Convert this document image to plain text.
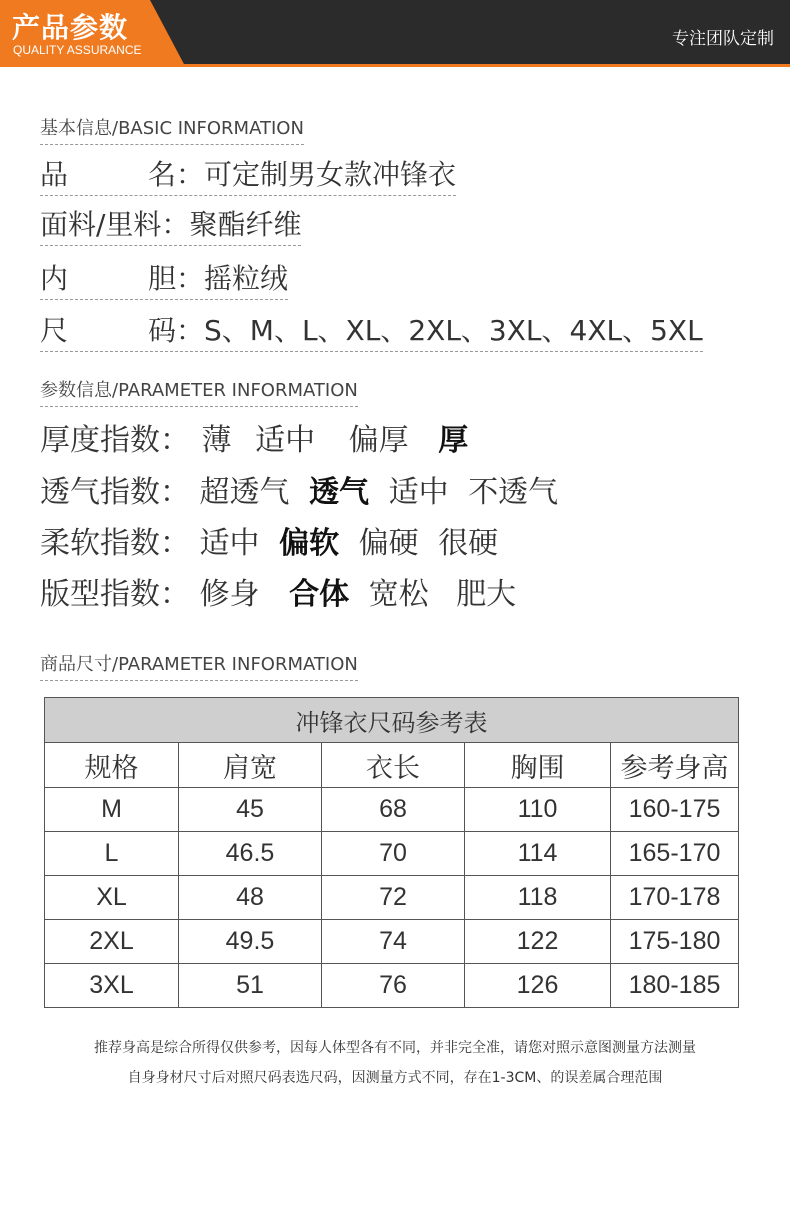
产品参数
QUALITY ASSURANCE
专注团队定制
基本信息/BASIC INFORMATION
品	名：可定制男女款冲锋衣
面料/里料：聚酯纤维
内	胆：摇粒绒
尺	码：S、M、L、XL、2XL、3XL、4XL、5XL
参数信息/PARAMETER INFORMATION
厚度指数： 薄 适中 偏厚 厚
透气指数： 超透气 透气 适中 不透气
柔软指数： 适中 偏软 偏硬 很硬
版型指数： 修身 合体 宽松 肥大
商品尺寸/PARAMETER INFORMATION
冲锋衣尺码参考表				
规格	肩宽	衣长	胸围	参考身高
M	45	68	110	160-175
L	46.5	70	114	165-170
XL	48	72	118	170-178
2XL	49.5	74	122	175-180
3XL	51	76	126	180-185
推荐身高是综合所得仅供参考，因每人体型各有不同，并非完全准，请您对照示意图测量方法测量
自身身材尺寸后对照尺码表选尺码，因测量方式不同，存在1-3CM、的误差属合理范围
